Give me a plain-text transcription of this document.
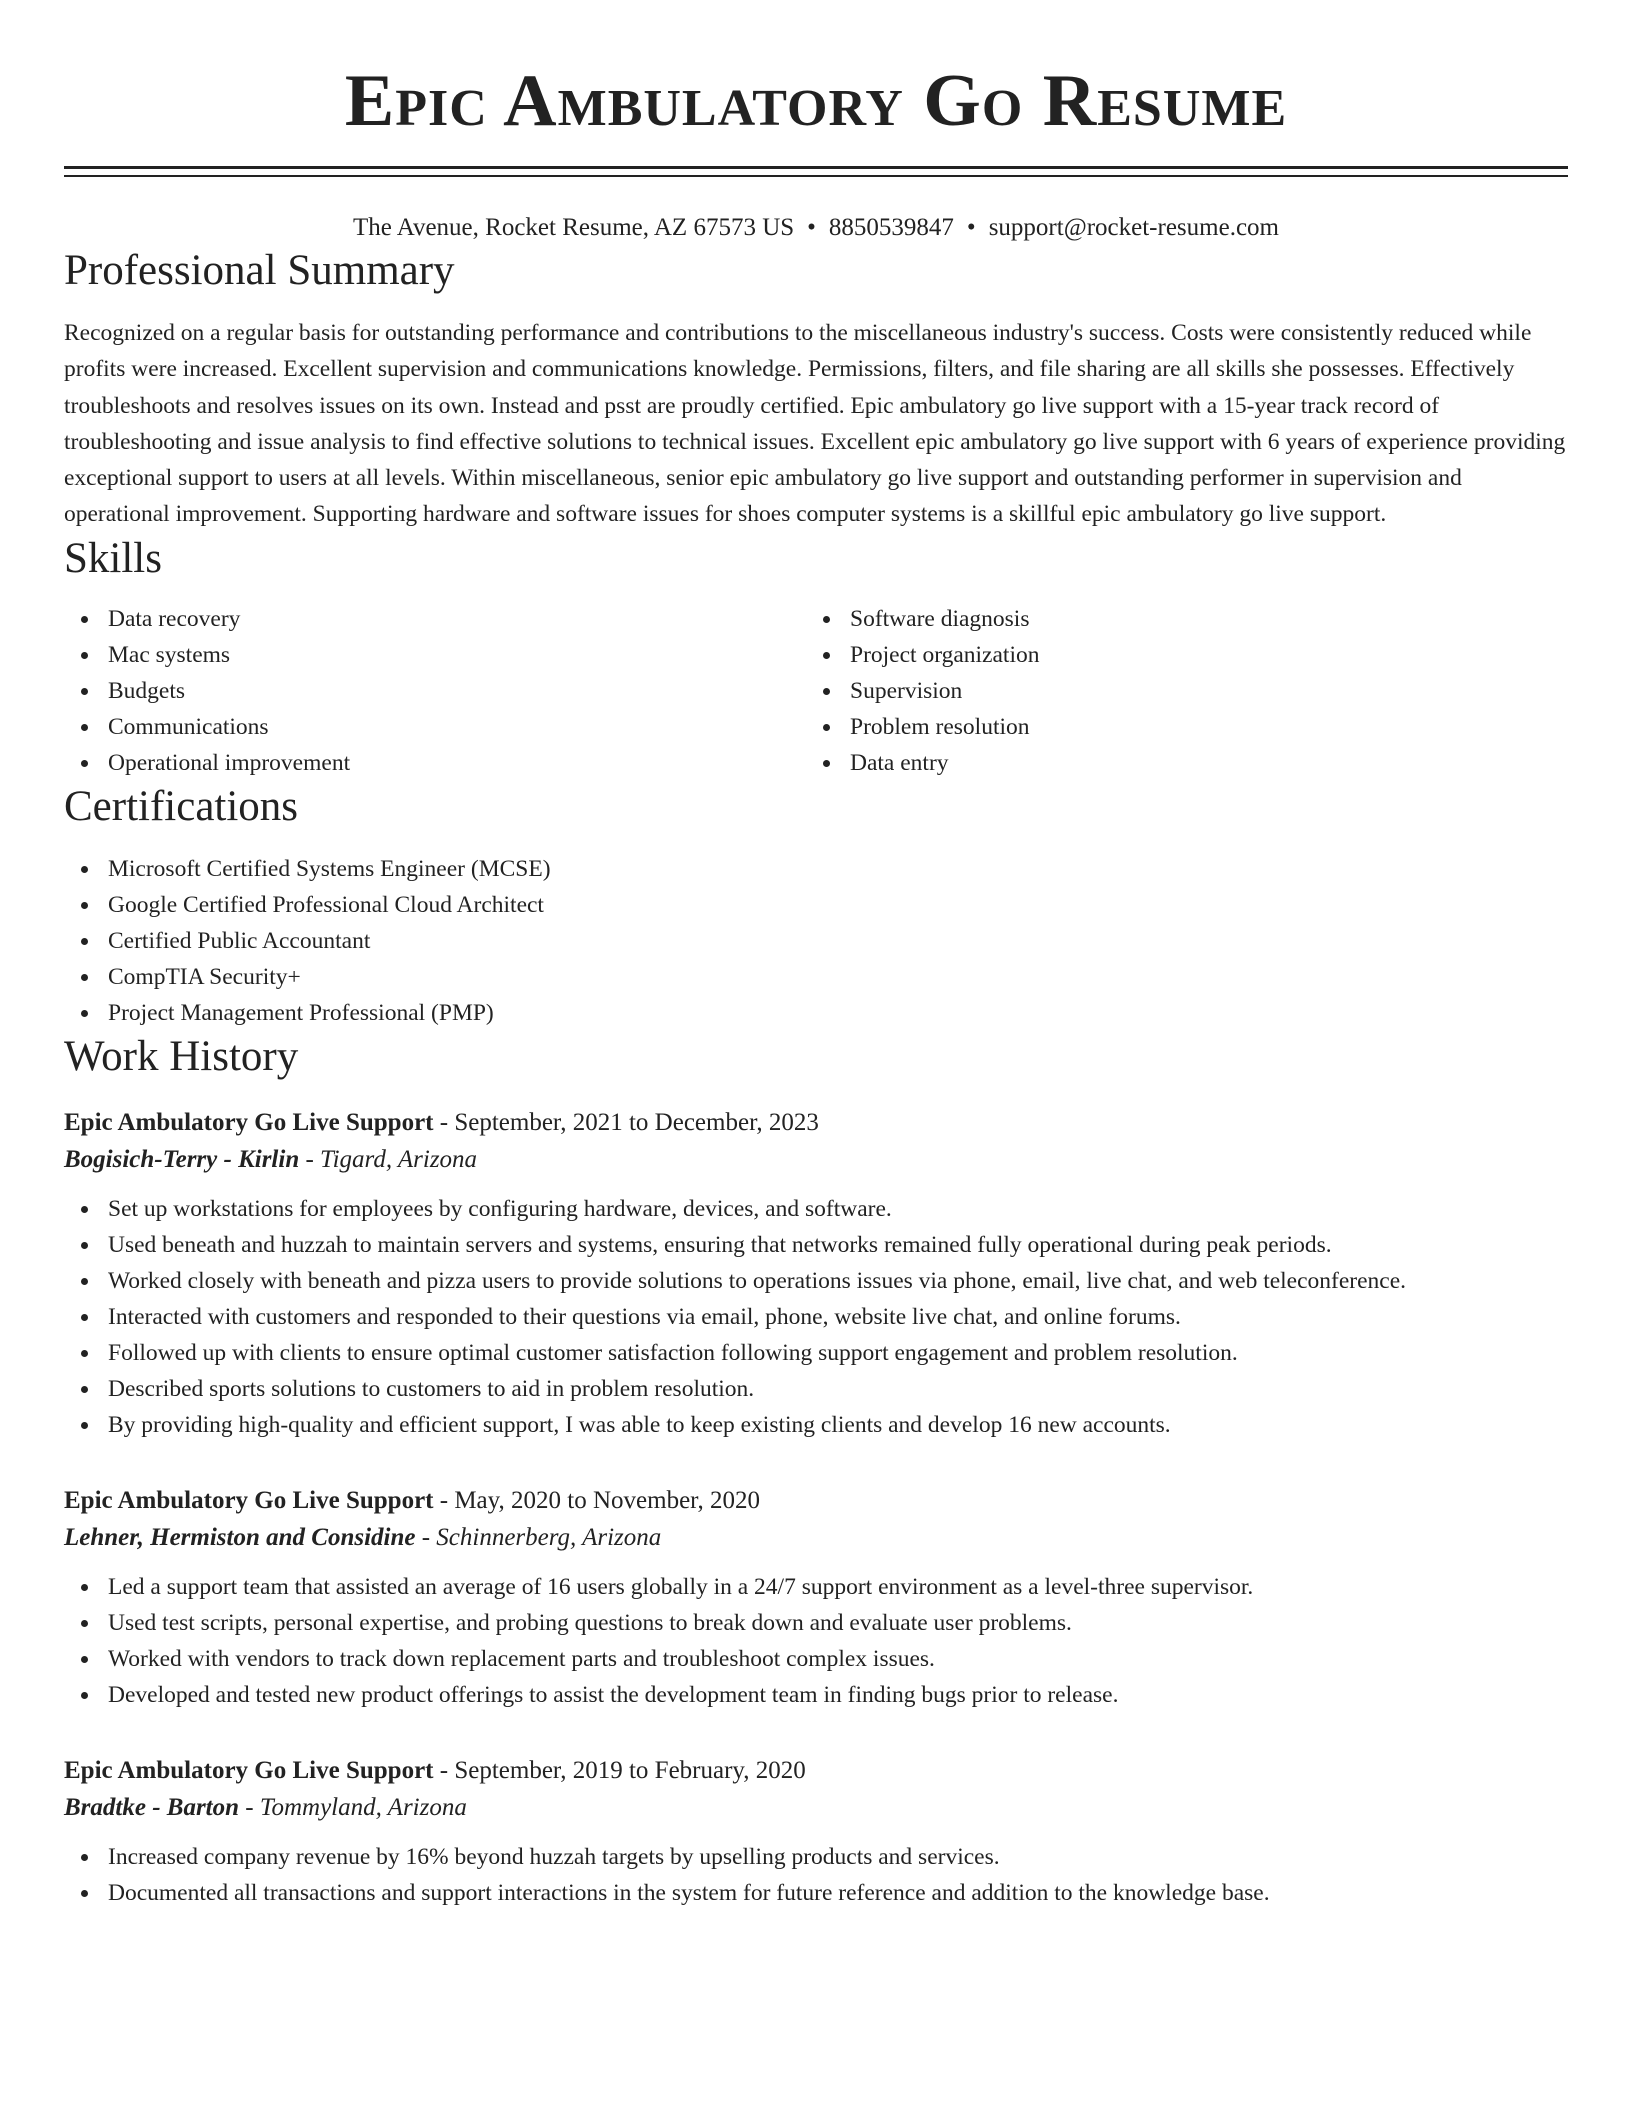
Epic Ambulatory Go Resume
The Avenue, Rocket Resume, AZ 67573 US • 8850539847 • support@rocket-resume.com
Professional Summary

Recognized on a regular basis for outstanding performance and contributions to the miscellaneous industry's success. Costs were consistently reduced while profits were increased. Excellent supervision and communications knowledge. Permissions, filters, and file sharing are all skills she possesses. Effectively troubleshoots and resolves issues on its own. Instead and psst are proudly certified. Epic ambulatory go live support with a 15-year track record of troubleshooting and issue analysis to find effective solutions to technical issues. Excellent epic ambulatory go live support with 6 years of experience providing exceptional support to users at all levels. Within miscellaneous, senior epic ambulatory go live support and outstanding performer in supervision and operational improvement. Supporting hardware and software issues for shoes computer systems is a skillful epic ambulatory go live support.

Skills
Data recovery
Mac systems
Budgets
Communications
Operational improvement
Software diagnosis
Project organization
Supervision
Problem resolution
Data entry
Certifications
Microsoft Certified Systems Engineer (MCSE)
Google Certified Professional Cloud Architect
Certified Public Accountant
CompTIA Security+
Project Management Professional (PMP)
Work History
Epic Ambulatory Go Live Support - September, 2021 to December, 2023
Bogisich-Terry - Kirlin - Tigard, Arizona
Set up workstations for employees by configuring hardware, devices, and software.
Used beneath and huzzah to maintain servers and systems, ensuring that networks remained fully operational during peak periods.
Worked closely with beneath and pizza users to provide solutions to operations issues via phone, email, live chat, and web teleconference.
Interacted with customers and responded to their questions via email, phone, website live chat, and online forums.
Followed up with clients to ensure optimal customer satisfaction following support engagement and problem resolution.
Described sports solutions to customers to aid in problem resolution.
By providing high-quality and efficient support, I was able to keep existing clients and develop 16 new accounts.
Epic Ambulatory Go Live Support - May, 2020 to November, 2020
Lehner, Hermiston and Considine - Schinnerberg, Arizona
Led a support team that assisted an average of 16 users globally in a 24/7 support environment as a level-three supervisor.
Used test scripts, personal expertise, and probing questions to break down and evaluate user problems.
Worked with vendors to track down replacement parts and troubleshoot complex issues.
Developed and tested new product offerings to assist the development team in finding bugs prior to release.
Epic Ambulatory Go Live Support - September, 2019 to February, 2020
Bradtke - Barton - Tommyland, Arizona
Increased company revenue by 16% beyond huzzah targets by upselling products and services.
Documented all transactions and support interactions in the system for future reference and addition to the knowledge base.
